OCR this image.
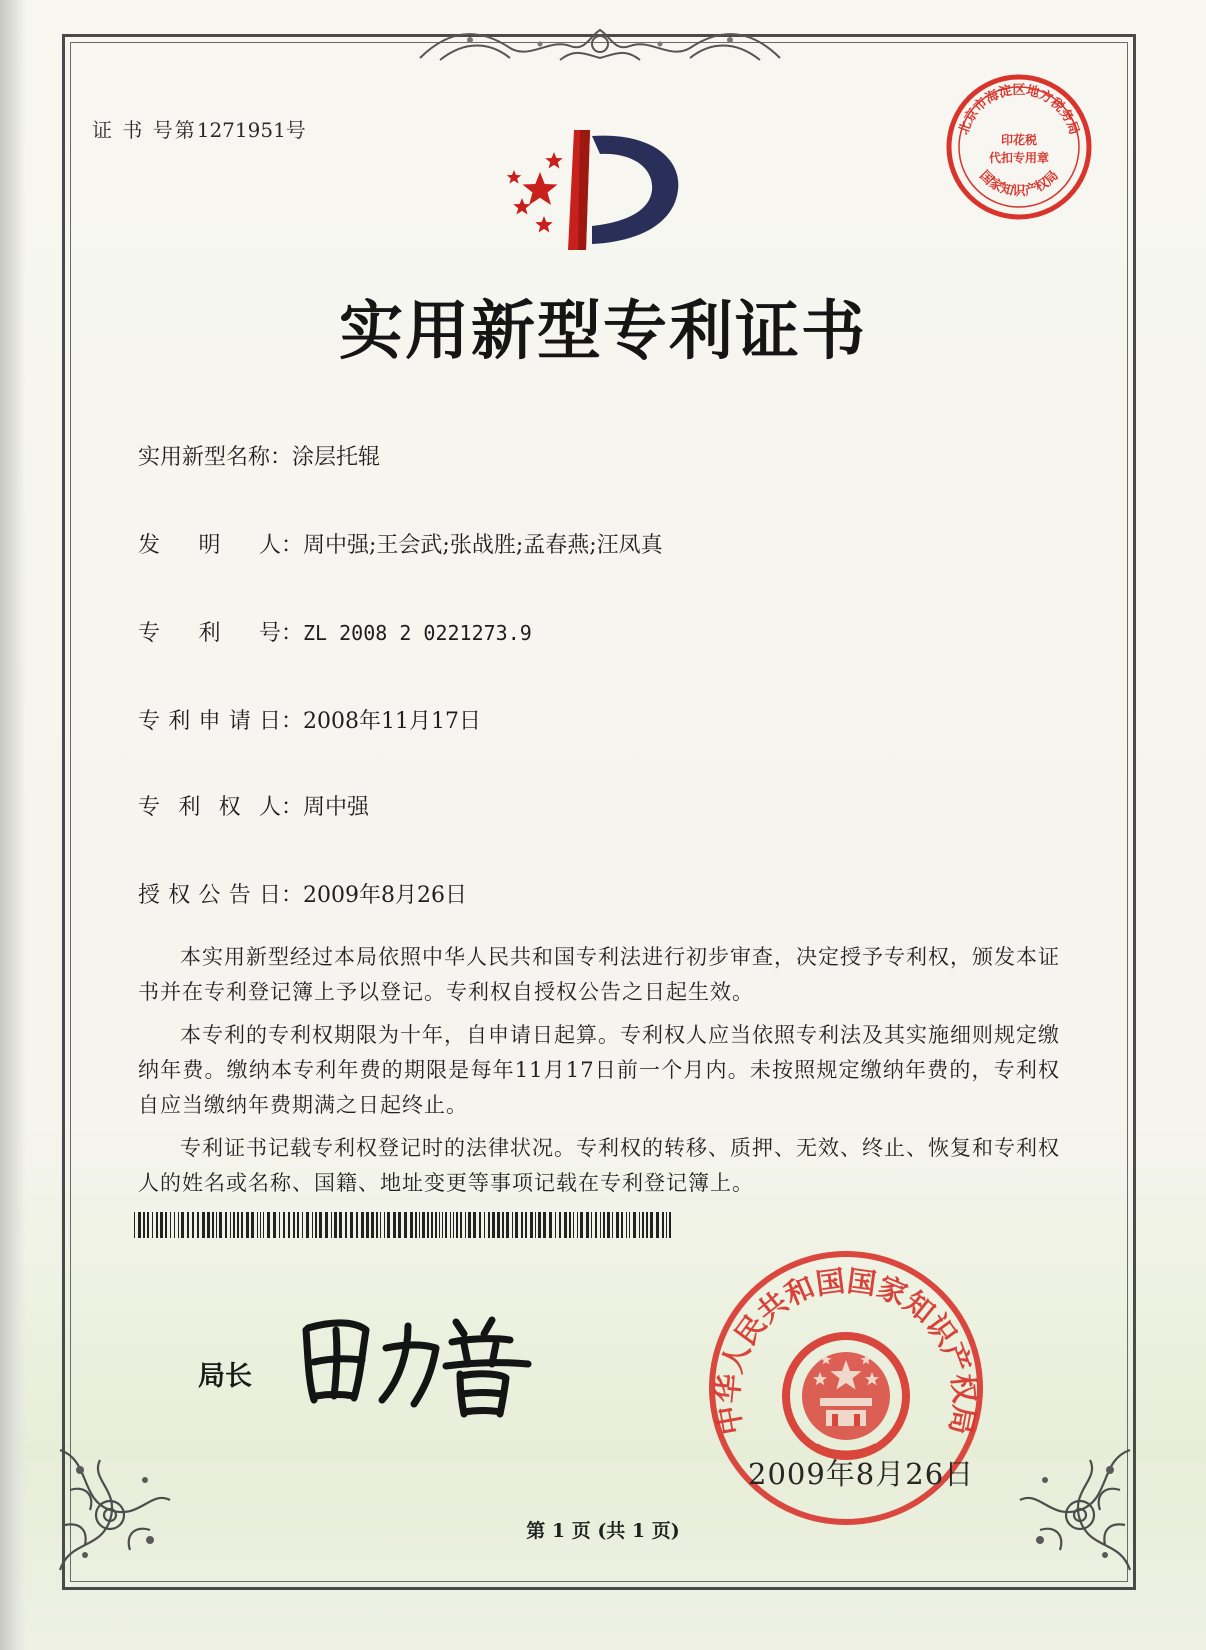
证 书 号第1271951号	北京市海淀区地方税务局
印花税
代扣专用章
国家知识产权局
实用新型专利证书
实用新型名称：涂层托辊
发 明 人 ：周中强;王会武;张战胜;孟春燕;汪凤真
专 利 号 ：ZL 2008 2 0221273.9
专 利 申 请 日 ：2008年11月17日
专 利 权 人 ：周中强
授 权 公 告 日 ：2009年8月26日

本实用新型经过本局依照中华人民共和国专利法进行初步审查，决定授予专利权，颁发本证书并在专利登记簿上予以登记。专利权自授权公告之日起生效。

本专利的专利权期限为十年，自申请日起算。专利权人应当依照专利法及其实施细则规定缴纳年费。缴纳本专利年费的期限是每年11月17日前一个月内。未按照规定缴纳年费的，专利权自应当缴纳年费期满之日起终止。

专利证书记载专利权登记时的法律状况。专利权的转移、质押、无效、终止、恢复和专利权人的姓名或名称、国籍、地址变更等事项记载在专利登记簿上。

局长
中华人民共和国国家知识产权局
2009年8月26日
第 1 页 (共 1 页)
